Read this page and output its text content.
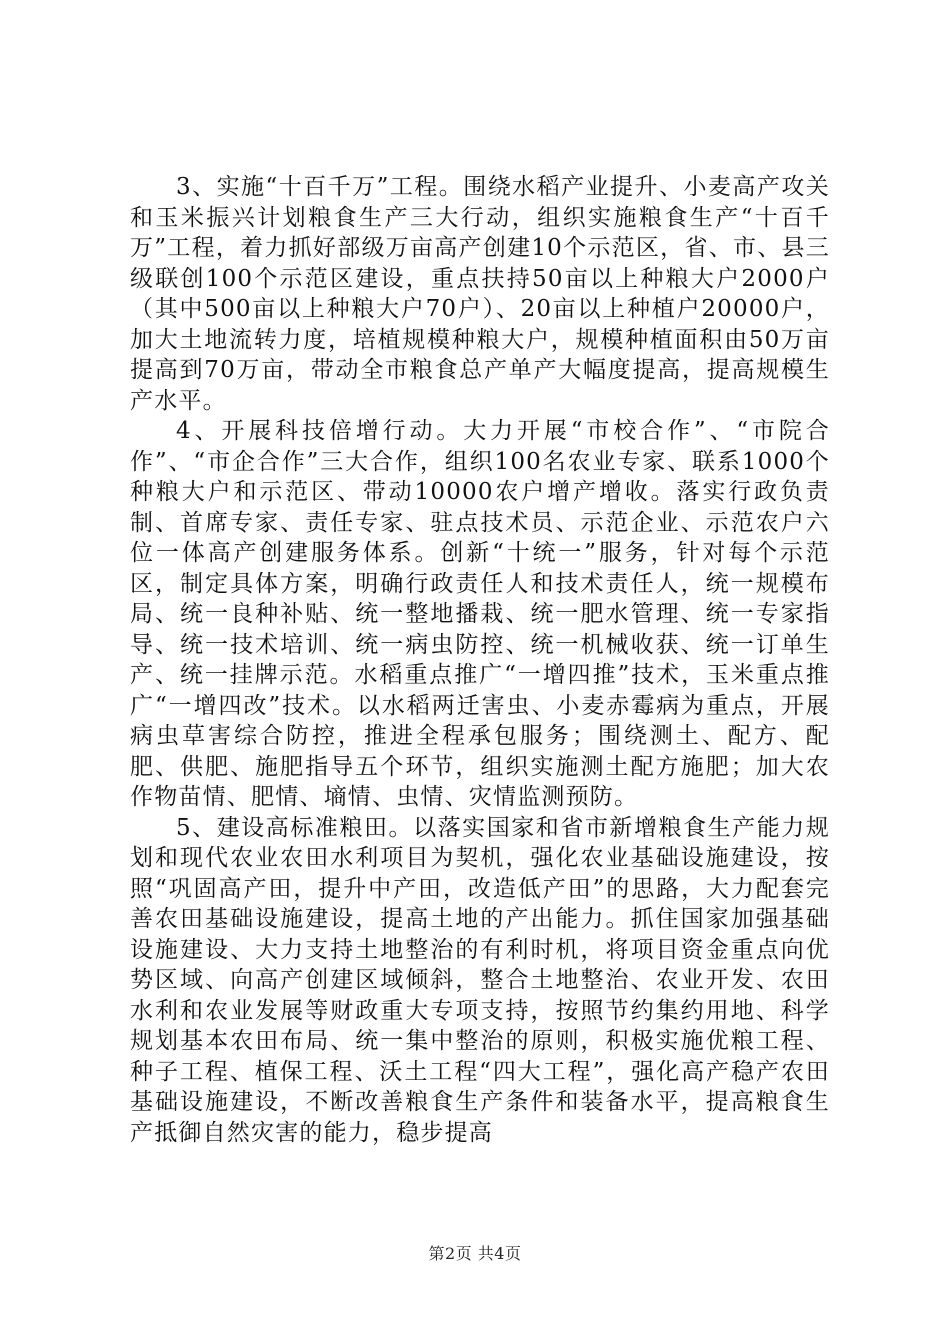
3、实施“十百千万”工程。围绕水稻产业提升、小麦高产攻关和玉米振兴计划粮食生产三大行动，组织实施粮食生产“十百千万”工程，着力抓好部级万亩高产创建10个示范区，省、市、县三级联创100个示范区建设，重点扶持50亩以上种粮大户2000户（其中500亩以上种粮大户70户）、20亩以上种植户20000户，加大土地流转力度，培植规模种粮大户，规模种植面积由50万亩提高到70万亩，带动全市粮食总产单产大幅度提高，提高规模生产水平。

4、开展科技倍增行动。大力开展“市校合作”、“市院合作”、“市企合作”三大合作，组织100名农业专家、联系1000个种粮大户和示范区、带动10000农户增产增收。落实行政负责制、首席专家、责任专家、驻点技术员、示范企业、示范农户六位一体高产创建服务体系。创新“十统一”服务，针对每个示范区，制定具体方案，明确行政责任人和技术责任人，统一规模布局、统一良种补贴、统一整地播栽、统一肥水管理、统一专家指导、统一技术培训、统一病虫防控、统一机械收获、统一订单生产、统一挂牌示范。水稻重点推广“一增四推”技术，玉米重点推广“一增四改”技术。以水稻两迁害虫、小麦赤霉病为重点，开展病虫草害综合防控，推进全程承包服务；围绕测土、配方、配肥、供肥、施肥指导五个环节，组织实施测土配方施肥；加大农作物苗情、肥情、墒情、虫情、灾情监测预防。

5、建设高标准粮田。以落实国家和省市新增粮食生产能力规划和现代农业农田水利项目为契机，强化农业基础设施建设，按照“巩固高产田，提升中产田，改造低产田”的思路，大力配套完善农田基础设施建设，提高土地的产出能力。抓住国家加强基础设施建设、大力支持土地整治的有利时机，将项目资金重点向优势区域、向高产创建区域倾斜，整合土地整治、农业开发、农田水利和农业发展等财政重大专项支持，按照节约集约用地、科学规划基本农田布局、统一集中整治的原则，积极实施优粮工程、种子工程、植保工程、沃土工程“四大工程”，强化高产稳产农田基础设施建设，不断改善粮食生产条件和装备水平，提高粮食生产抵御自然灾害的能力，稳步提高

第2页 共4页
